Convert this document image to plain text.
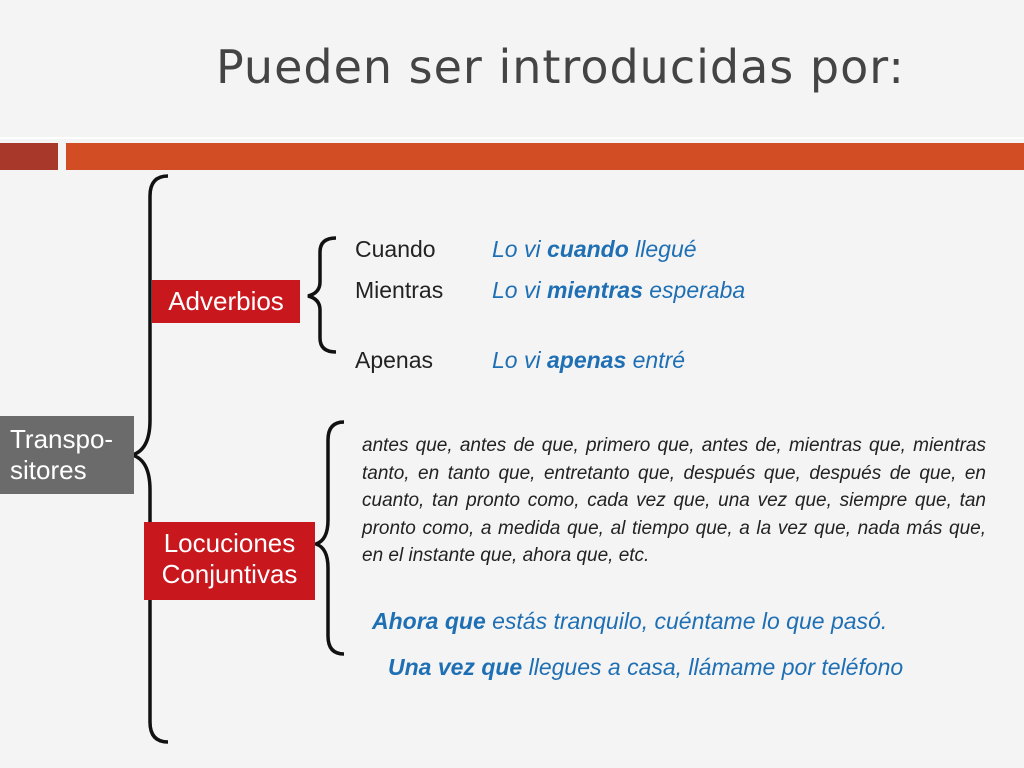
Pueden ser introducidas por:
Transpo-
sitores
Adverbios
Locuciones
Conjuntivas
Cuando Lo vi cuando llegué
Mientras Lo vi mientras esperaba
Apenas	Lo vi apenas entré
antes que, antes de que, primero que, antes de, mientras que, mientras tanto, en tanto que, entretanto que, después que, después de que, en cuanto, tan pronto como, cada vez que, una vez que, siempre que, tan pronto como, a medida que, al tiempo que, a la vez que, nada más que, en el instante que, ahora que, etc.
Ahora que estás tranquilo, cuéntame lo que pasó.
Una vez que llegues a casa, llámame por teléfono
